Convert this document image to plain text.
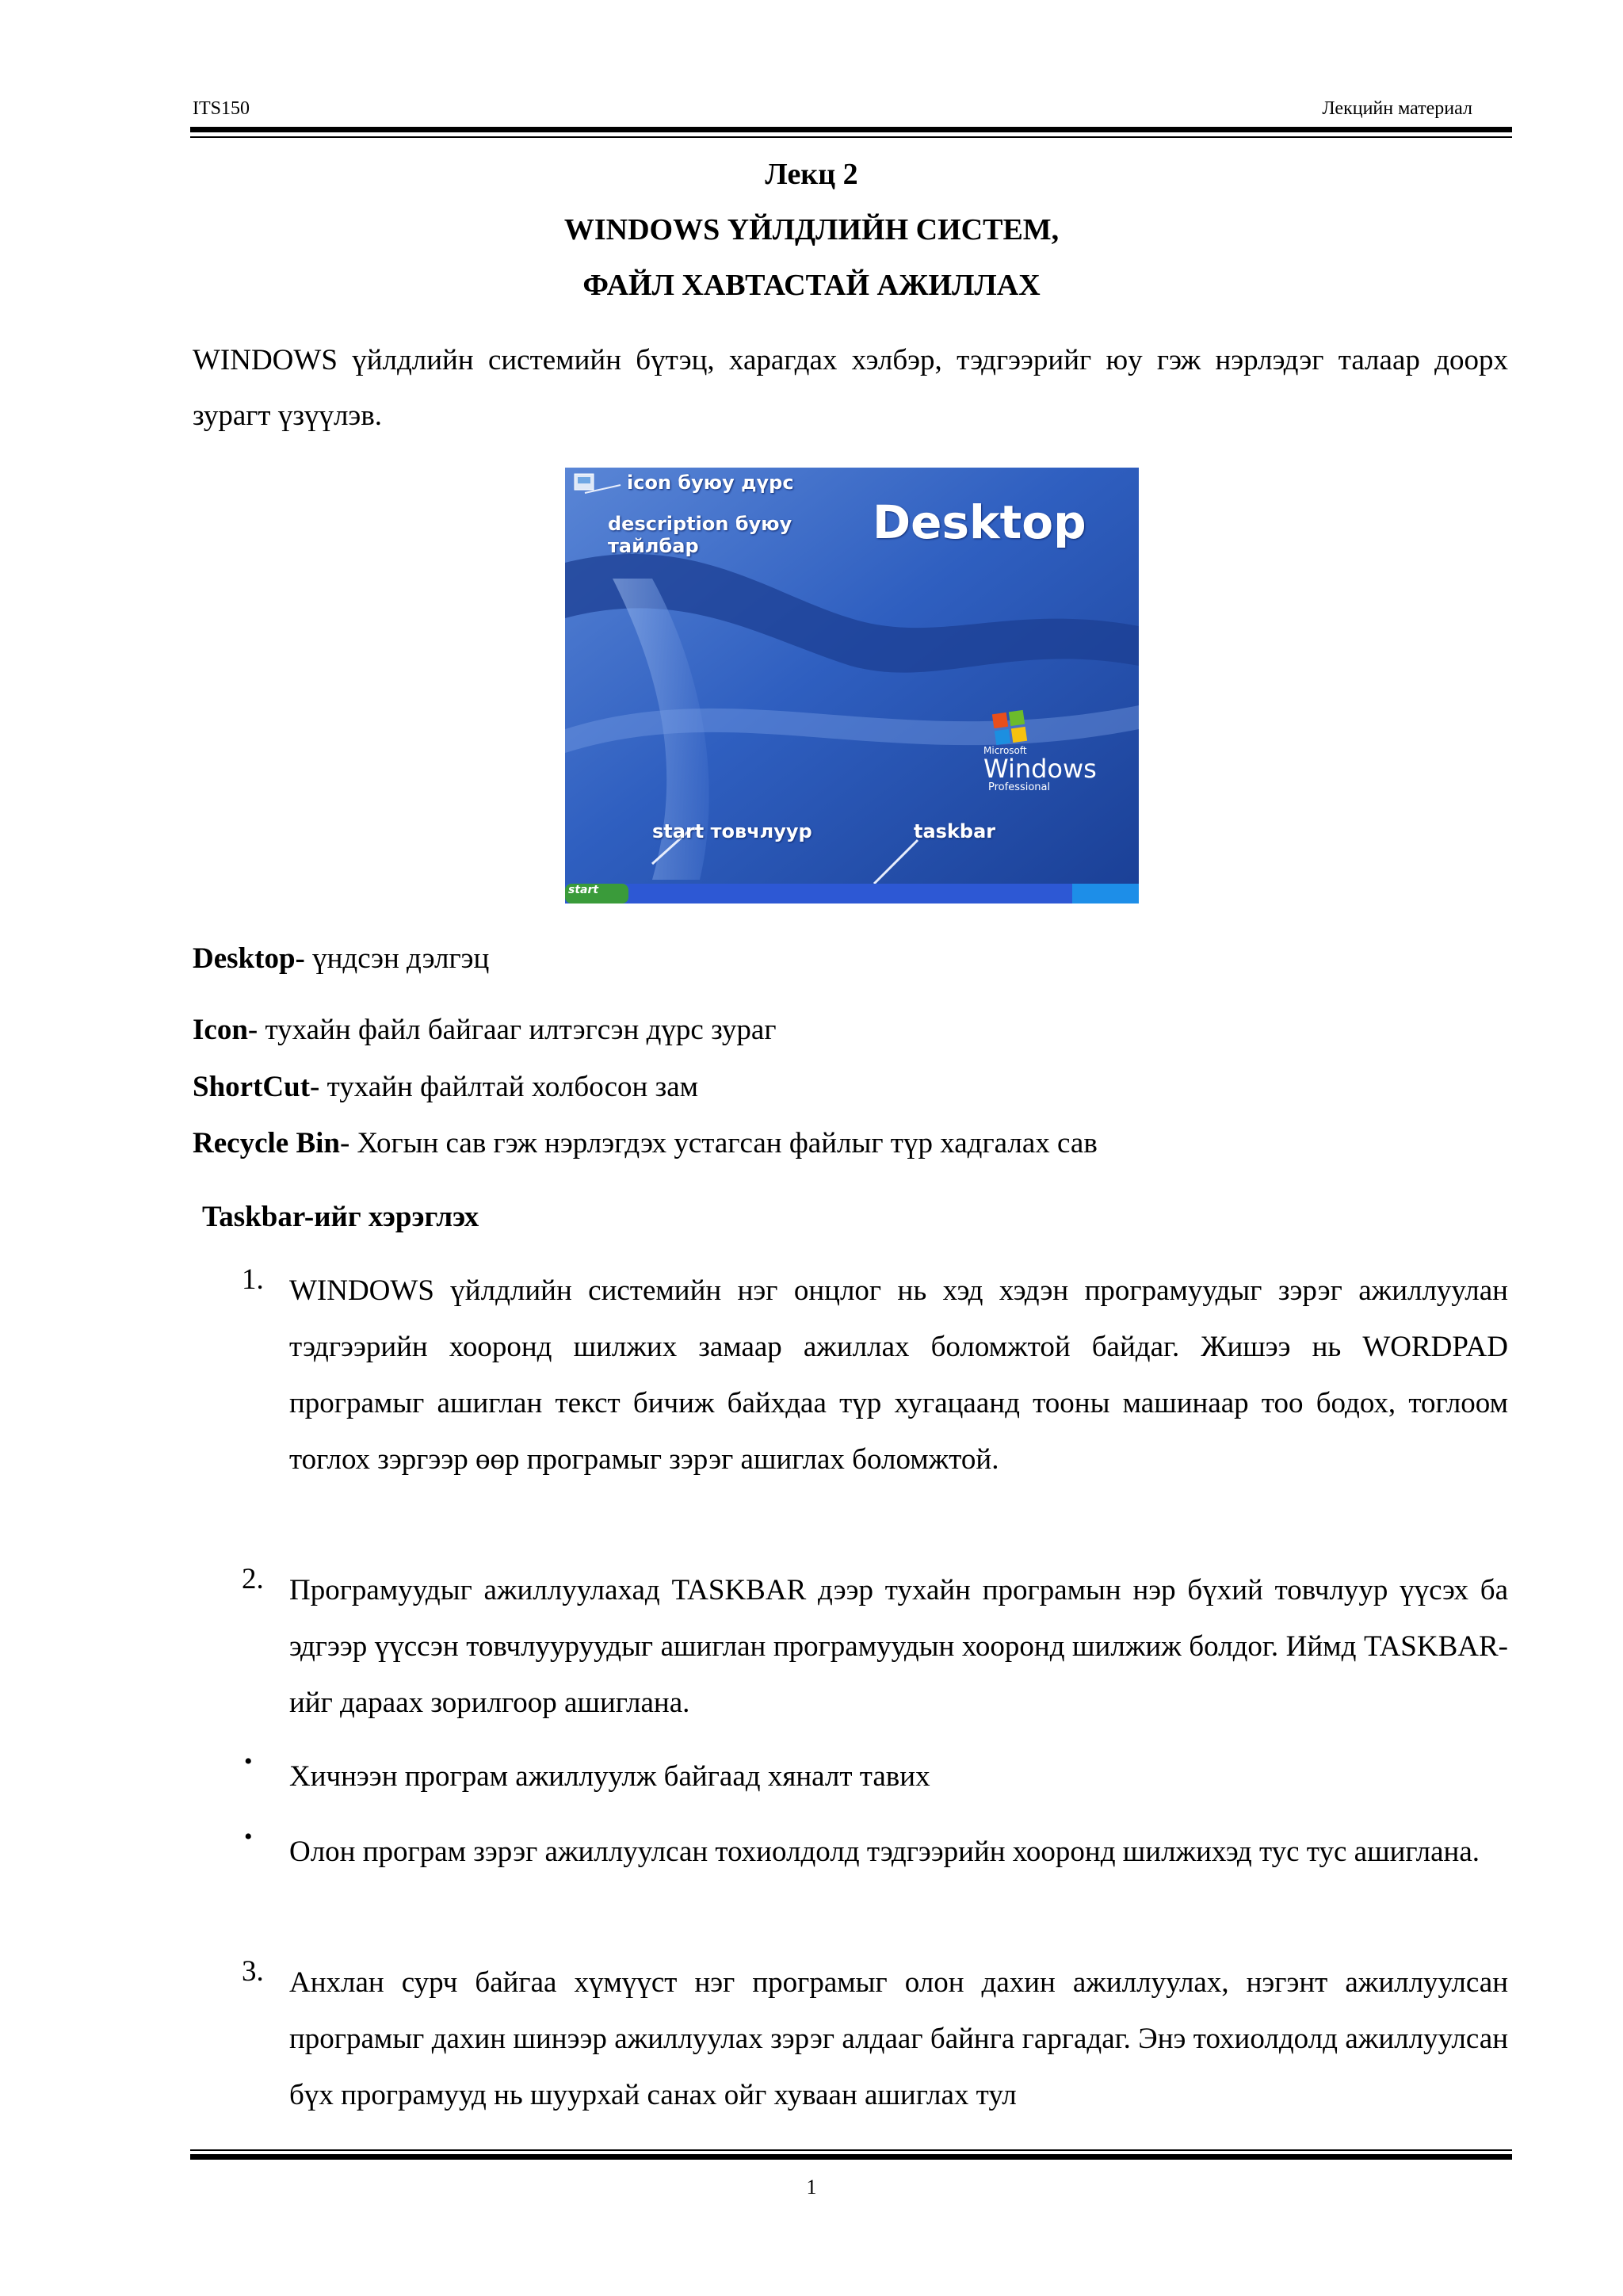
ITS150	Лекцийн материал
Лекц 2
WINDOWS ҮЙЛДЛИЙН СИСТЕМ,
ФАЙЛ ХАВТАСТАЙ АЖИЛЛАХ
WINDOWS үйлдлийн системийн бүтэц, харагдах хэлбэр, тэдгээрийг юу гэж нэрлэдэг талаар доорх зурагт үзүүлэв.
icon буюу дүрс
description буюу тайлбар	Desktop
Microsoft
Windows
Professional
start товчлуур	taskbar
start
Desktop- үндсэн дэлгэц
Icon- тухайн файл байгааг илтэгсэн дүрс зураг
ShortCut- тухайн файлтай холбосон зам
Recycle Bin- Хогын сав гэж нэрлэгдэх устагсан файлыг түр хадгалах сав
Taskbar-ийг хэрэглэх
1. WINDOWS үйлдлийн системийн нэг онцлог нь хэд хэдэн програмуудыг зэрэг ажиллуулан тэдгээрийн хооронд шилжих замаар ажиллах боломжтой байдаг. Жишээ нь WORDPAD програмыг ашиглан текст бичиж байхдаа түр хугацаанд тооны машинаар тоо бодох, тоглоом тоглох зэргээр өөр програмыг зэрэг ашиглах боломжтой.
2. Програмуудыг ажиллуулахад TASKBAR дээр тухайн програмын нэр бүхий товчлуур үүсэх ба эдгээр үүссэн товчлууруудыг ашиглан програмуудын хооронд шилжиж болдог. Иймд TASKBAR-ийг дараах зорилгоор ашиглана.
• Хичнээн програм ажиллуулж байгаад хяналт тавих
• Олон програм зэрэг ажиллуулсан тохиолдолд тэдгээрийн хооронд шилжихэд тус тус ашиглана.
3. Анхлан сурч байгаа хүмүүст нэг програмыг олон дахин ажиллуулах, нэгэнт ажиллуулсан програмыг дахин шинээр ажиллуулах зэрэг алдааг байнга гаргадаг. Энэ тохиолдолд ажиллуулсан бүх програмууд нь шуурхай санах ойг хуваан ашиглах тул
1
